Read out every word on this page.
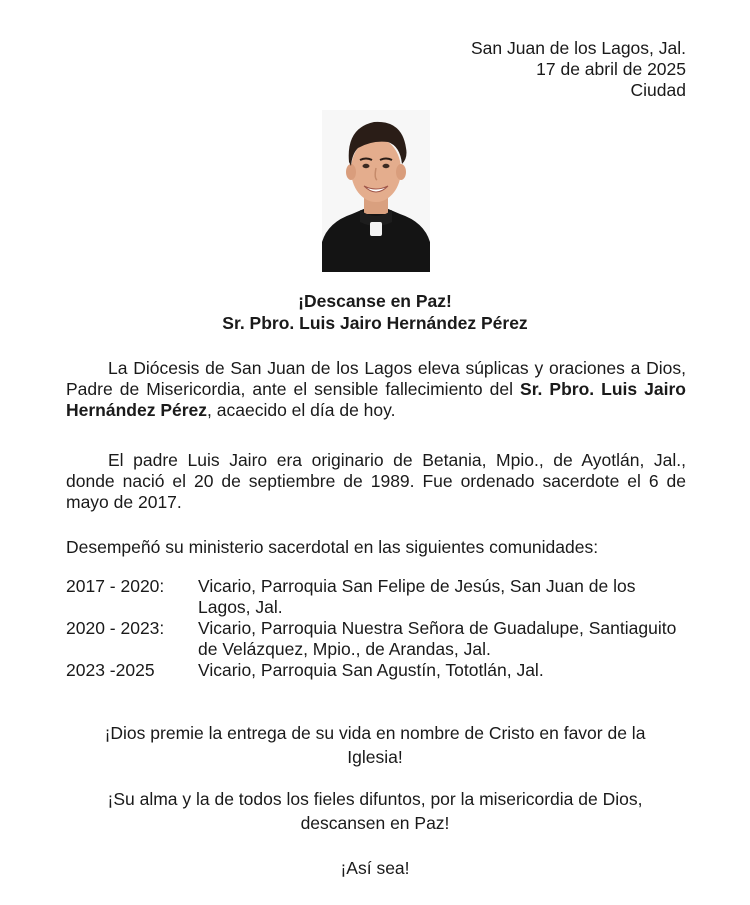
San Juan de los Lagos, Jal.
17 de abril de 2025
Ciudad
¡Descanse en Paz!
Sr. Pbro. Luis Jairo Hernández Pérez
La Diócesis de San Juan de los Lagos eleva súplicas y oraciones a Dios, Padre de Misericordia, ante el sensible fallecimiento del Sr. Pbro. Luis Jairo Hernández Pérez, acaecido el día de hoy.
El padre Luis Jairo era originario de Betania, Mpio., de Ayotlán, Jal., donde nació el 20 de septiembre de 1989. Fue ordenado sacerdote el 6 de mayo de 2017.
Desempeñó su ministerio sacerdotal en las siguientes comunidades:
2017 - 2020:	Vicario, Parroquia San Felipe de Jesús, San Juan de los Lagos, Jal.
2020 - 2023:	Vicario, Parroquia Nuestra Señora de Guadalupe, Santiaguito de Velázquez, Mpio., de Arandas, Jal.
2023 -2025	Vicario, Parroquia San Agustín, Tototlán, Jal.
¡Dios premie la entrega de su vida en nombre de Cristo en favor de la Iglesia!
¡Su alma y la de todos los fieles difuntos, por la misericordia de Dios, descansen en Paz!
¡Así sea!
